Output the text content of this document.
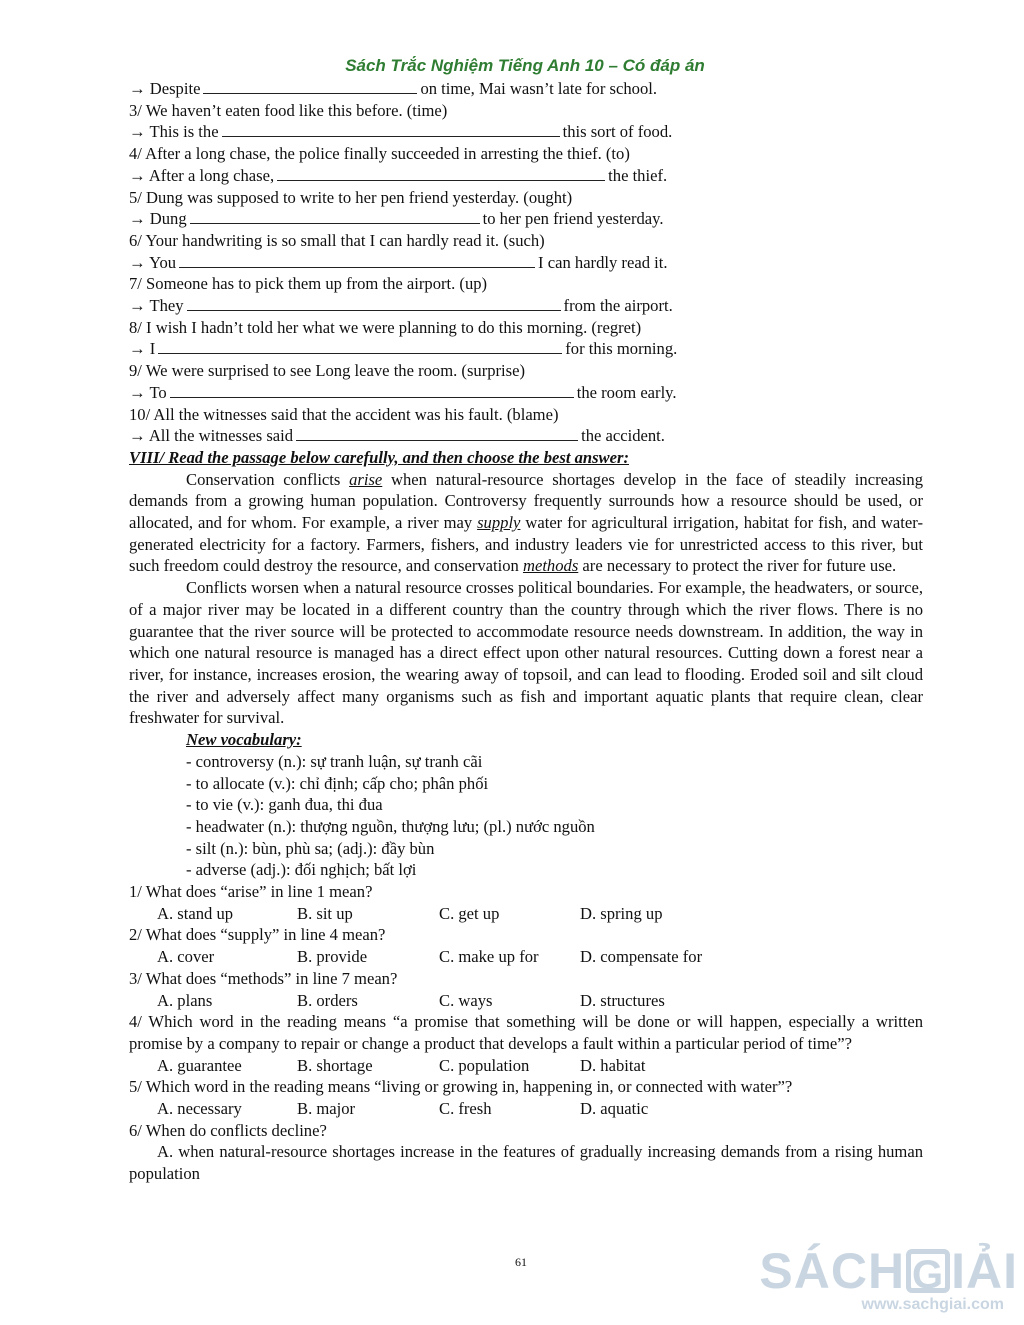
Sách Trắc Nghiệm Tiếng Anh 10 – Có đáp án
→ Despite	on time, Mai wasn’t late for school.
3/ We haven’t eaten food like this before. (time)
→ This is the	this sort of food.
4/ After a long chase, the police finally succeeded in arresting the thief. (to)
→ After a long chase,	the thief.
5/ Dung was supposed to write to her pen friend yesterday. (ought)
→ Dung	to her pen friend yesterday.
6/ Your handwriting is so small that I can hardly read it. (such)
→ You	I can hardly read it.
7/ Someone has to pick them up from the airport. (up)
→ They	from the airport.
8/ I wish I hadn’t told her what we were planning to do this morning. (regret)
→ I	for this morning.
9/ We were surprised to see Long leave the room. (surprise)
→ To	the room early.
10/ All the witnesses said that the accident was his fault. (blame)
→ All the witnesses said	the accident.
VIII/ Read the passage below carefully, and then choose the best answer:
Conservation conflicts arise when natural-resource shortages develop in the face of steadily increasing demands from a growing human population. Controversy frequently surrounds how a resource should be used, or allocated, and for whom. For example, a river may supply water for agricultural irrigation, habitat for fish, and water-generated electricity for a factory. Farmers, fishers, and industry leaders vie for unrestricted access to this river, but such freedom could destroy the resource, and conservation methods are necessary to protect the river for future use.
Conflicts worsen when a natural resource crosses political boundaries. For example, the headwaters, or source, of a major river may be located in a different country than the country through which the river flows. There is no guarantee that the river source will be protected to accommodate resource needs downstream. In addition, the way in which one natural resource is managed has a direct effect upon other natural resources. Cutting down a forest near a river, for instance, increases erosion, the wearing away of topsoil, and can lead to flooding. Eroded soil and silt cloud the river and adversely affect many organisms such as fish and important aquatic plants that require clean, clear freshwater for survival.
New vocabulary:
- controversy (n.): sự tranh luận, sự tranh cãi
- to allocate (v.): chỉ định; cấp cho; phân phối
- to vie (v.): ganh đua, thi đua
- headwater (n.): thượng nguồn, thượng lưu; (pl.) nước nguồn
- silt (n.): bùn, phù sa; (adj.): đầy bùn
- adverse (adj.): đối nghịch; bất lợi
1/ What does “arise” in line 1 mean?
A. stand up	B. sit up	C. get up	D. spring up
2/ What does “supply” in line 4 mean?
A. cover	B. provide	C. make up for	D. compensate for
3/ What does “methods” in line 7 mean?
A. plans	B. orders	C. ways	D. structures
4/ Which word in the reading means “a promise that something will be done or will happen, especially a written promise by a company to repair or change a product that develops a fault within a particular period of time”?
A. guarantee	B. shortage	C. population	D. habitat
5/ Which word in the reading means “living or growing in, happening in, or connected with water”?
A. necessary	B. major	C. fresh	D. aquatic
6/ When do conflicts decline?
A. when natural-resource shortages increase in the features of gradually increasing demands from a rising human population
61	SÁCH G IẢI
www.sachgiai.com
